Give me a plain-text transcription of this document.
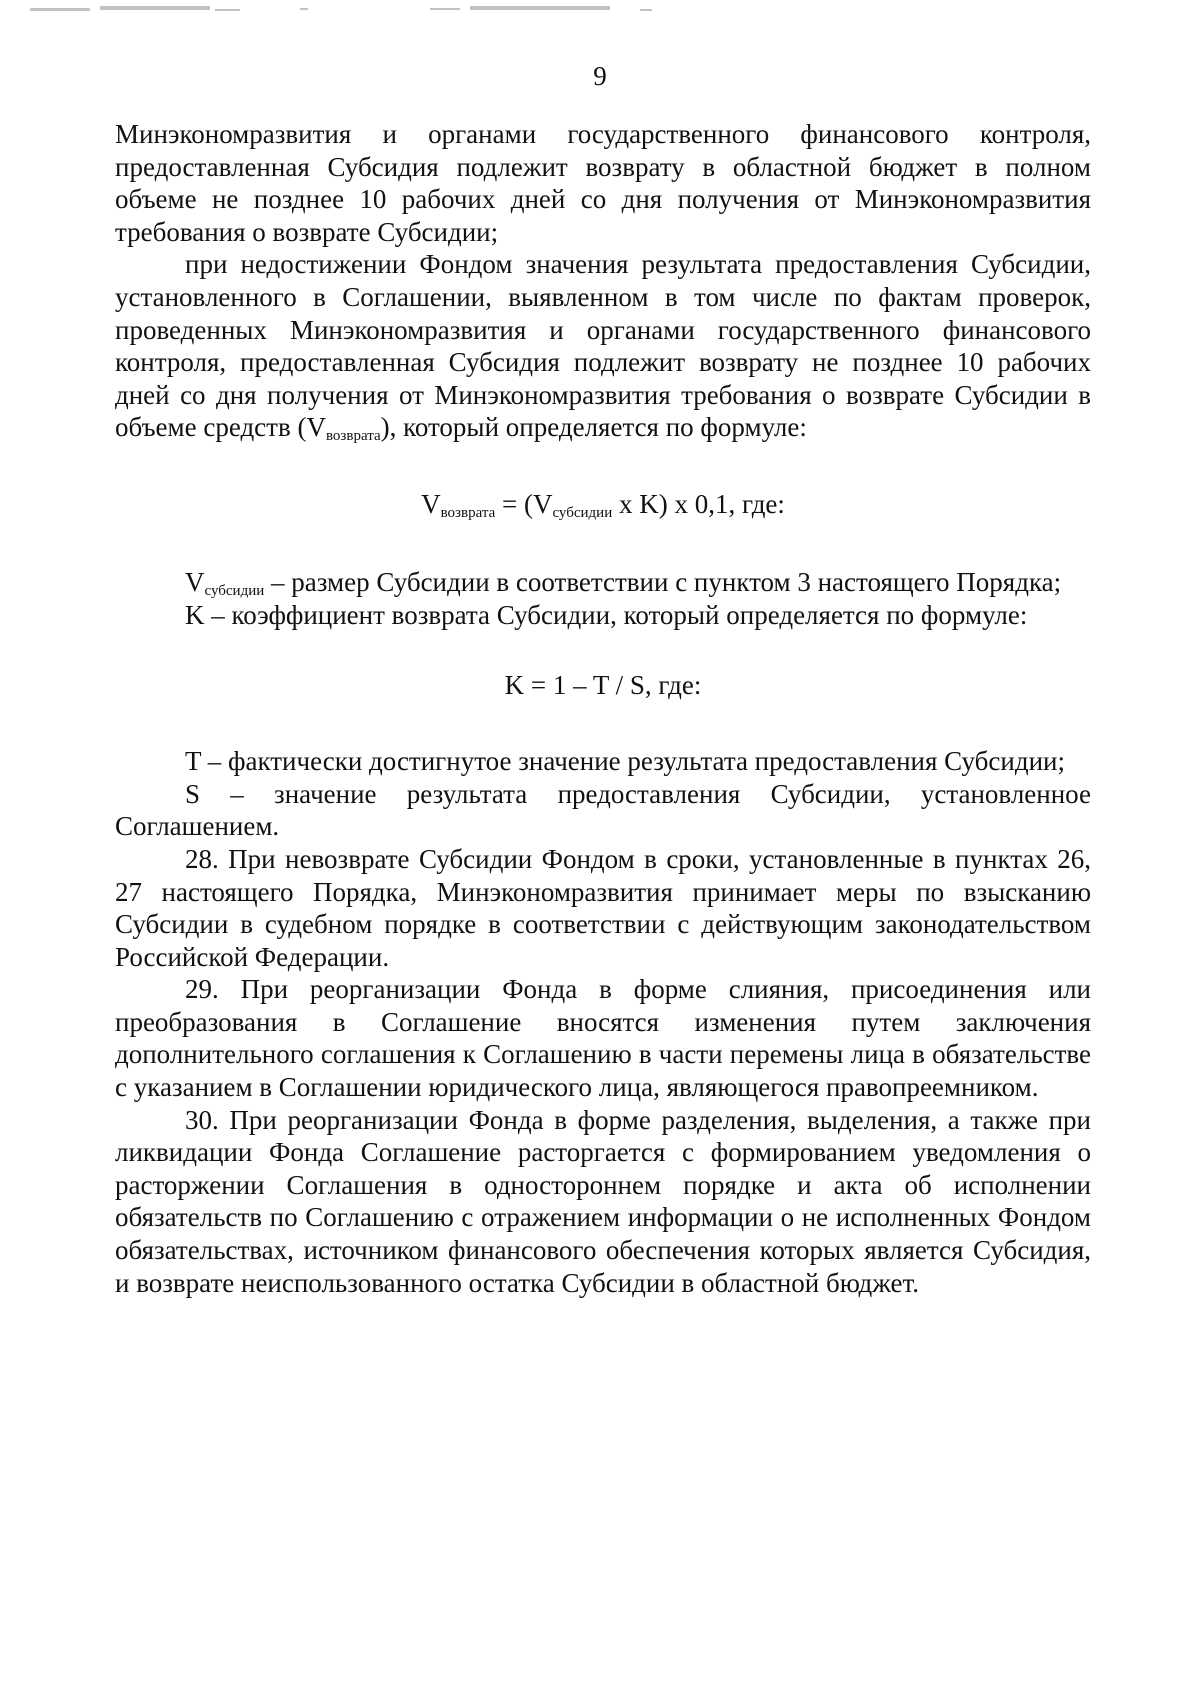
9

Минэкономразвития и органами государственного финансового контроля, предоставленная Субсидия подлежит возврату в областной бюджет в полном объеме не позднее 10 рабочих дней со дня получения от Минэкономразвития требования о возврате Субсидии;

при недостижении Фондом значения результата предоставления Субсидии, установленного в Соглашении, выявленном в том числе по фактам проверок, проведенных Минэкономразвития и органами государственного финансового контроля, предоставленная Субсидия подлежит возврату не позднее 10 рабочих дней со дня получения от Минэкономразвития требования о возврате Субсидии в объеме средств $(V_{возврата})$, который определяется по формуле:

$V_{возврата} = (V_{субсидии}$ x K) x 0,1, где:

$V_{субсидии}$ – размер Субсидии в соответствии с пунктом 3 настоящего Порядка;

K – коэффициент возврата Субсидии, который определяется по формуле:

K = 1 – T / S, где:

T – фактически достигнутое значение результата предоставления Субсидии;

S – значение результата предоставления Субсидии, установленное Соглашением.

28. При невозврате Субсидии Фондом в сроки, установленные в пунктах 26, 27 настоящего Порядка, Минэкономразвития принимает меры по взысканию Субсидии в судебном порядке в соответствии с действующим законодательством Российской Федерации.

29. При реорганизации Фонда в форме слияния, присоединения или преобразования в Соглашение вносятся изменения путем заключения дополнительного соглашения к Соглашению в части перемены лица в обязательстве с указанием в Соглашении юридического лица, являющегося правопреемником.

30. При реорганизации Фонда в форме разделения, выделения, а также при ликвидации Фонда Соглашение расторгается с формированием уведомления о расторжении Соглашения в одностороннем порядке и акта об исполнении обязательств по Соглашению с отражением информации о не исполненных Фондом обязательствах, источником финансового обеспечения которых является Субсидия, и возврате неиспользованного остатка Субсидии в областной бюджет.
